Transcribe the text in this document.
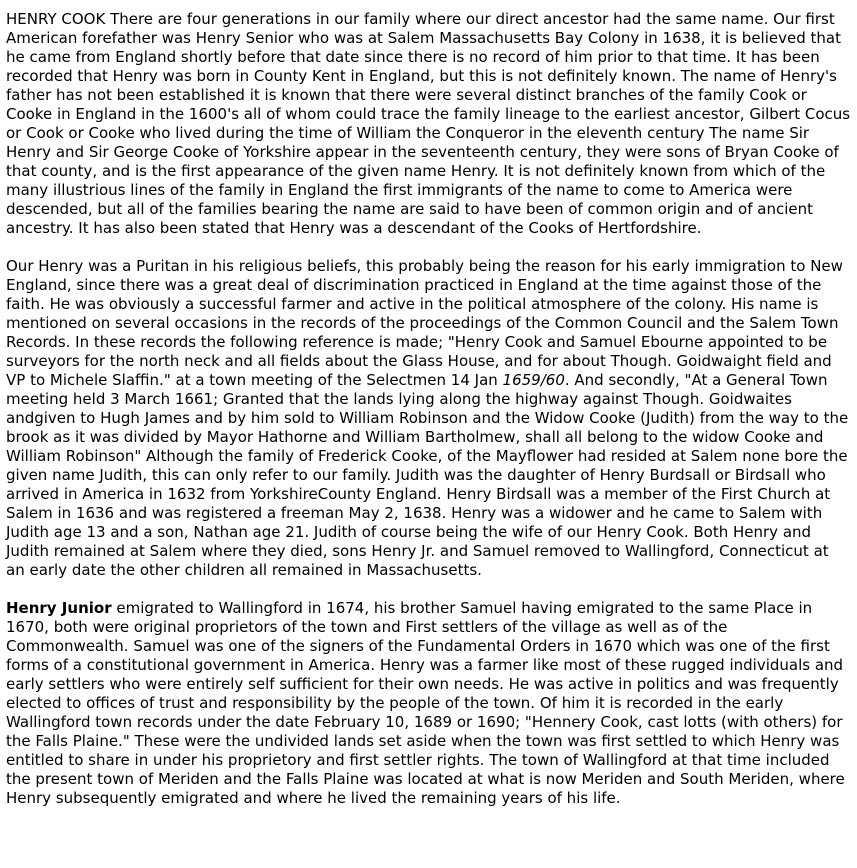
HENRY COOK There are four generations in our family where our direct ancestor had the same name. Our first American forefather was Henry Senior who was at Salem Massachusetts Bay Colony in 1638, it is believed that he came from England shortly before that date since there is no record of him prior to that time. It has been recorded that Henry was born in County Kent in England, but this is not definitely known. The name of Henry's father has not been established it is known that there were several distinct branches of the family Cook or Cooke in England in the 1600's all of whom could trace the family lineage to the earliest ancestor, Gilbert Cocus or Cook or Cooke who lived during the time of William the Conqueror in the eleventh century The name Sir Henry and Sir George Cooke of Yorkshire appear in the seventeenth century, they were sons of Bryan Cooke of that county, and is the first appearance of the given name Henry. It is not definitely known from which of the many illustrious lines of the family in England the first immigrants of the name to come to America were descended, but all of the families bearing the name are said to have been of common origin and of ancient ancestry. It has also been stated that Henry was a descendant of the Cooks of Hertfordshire.

Our Henry was a Puritan in his religious beliefs, this probably being the reason for his early immigration to New England, since there was a great deal of discrimination practiced in England at the time against those of the faith. He was obviously a successful farmer and active in the political atmosphere of the colony. His name is mentioned on several occasions in the records of the proceedings of the Common Council and the Salem Town Records. In these records the following reference is made; "Henry Cook and Samuel Ebourne appointed to be surveyors for the north neck and all fields about the Glass House, and for about Though. Goidwaight field and VP to Michele Slaffin." at a town meeting of the Selectmen 14 Jan 1659/60. And secondly, "At a General Town meeting held 3 March 1661; Granted that the lands lying along the highway against Though. Goidwaites andgiven to Hugh James and by him sold to William Robinson and the Widow Cooke (Judith) from the way to the brook as it was divided by Mayor Hathorne and William Bartholmew, shall all belong to the widow Cooke and William Robinson" Although the family of Frederick Cooke, of the Mayflower had resided at Salem none bore the given name Judith, this can only refer to our family. Judith was the daughter of Henry Burdsall or Birdsall who arrived in America in 1632 from YorkshireCounty England. Henry Birdsall was a member of the First Church at Salem in 1636 and was registered a freeman May 2, 1638. Henry was a widower and he came to Salem with Judith age 13 and a son, Nathan age 21. Judith of course being the wife of our Henry Cook. Both Henry and Judith remained at Salem where they died, sons Henry Jr. and Samuel removed to Wallingford, Connecticut at an early date the other children all remained in Massachusetts.

Henry Junior emigrated to Wallingford in 1674, his brother Samuel having emigrated to the same Place in 1670, both were original proprietors of the town and First settlers of the village as well as of the Commonwealth. Samuel was one of the signers of the Fundamental Orders in 1670 which was one of the first forms of a constitutional government in America. Henry was a farmer like most of these rugged individuals and early settlers who were entirely self sufficient for their own needs. He was active in politics and was frequently elected to offices of trust and responsibility by the people of the town. Of him it is recorded in the early Wallingford town records under the date February 10, 1689 or 1690; "Hennery Cook, cast lotts (with others) for the Falls Plaine." These were the undivided lands set aside when the town was first settled to which Henry was entitled to share in under his proprietory and first settler rights. The town of Wallingford at that time included the present town of Meriden and the Falls Plaine was located at what is now Meriden and South Meriden, where Henry subsequently emigrated and where he lived the remaining years of his life.
